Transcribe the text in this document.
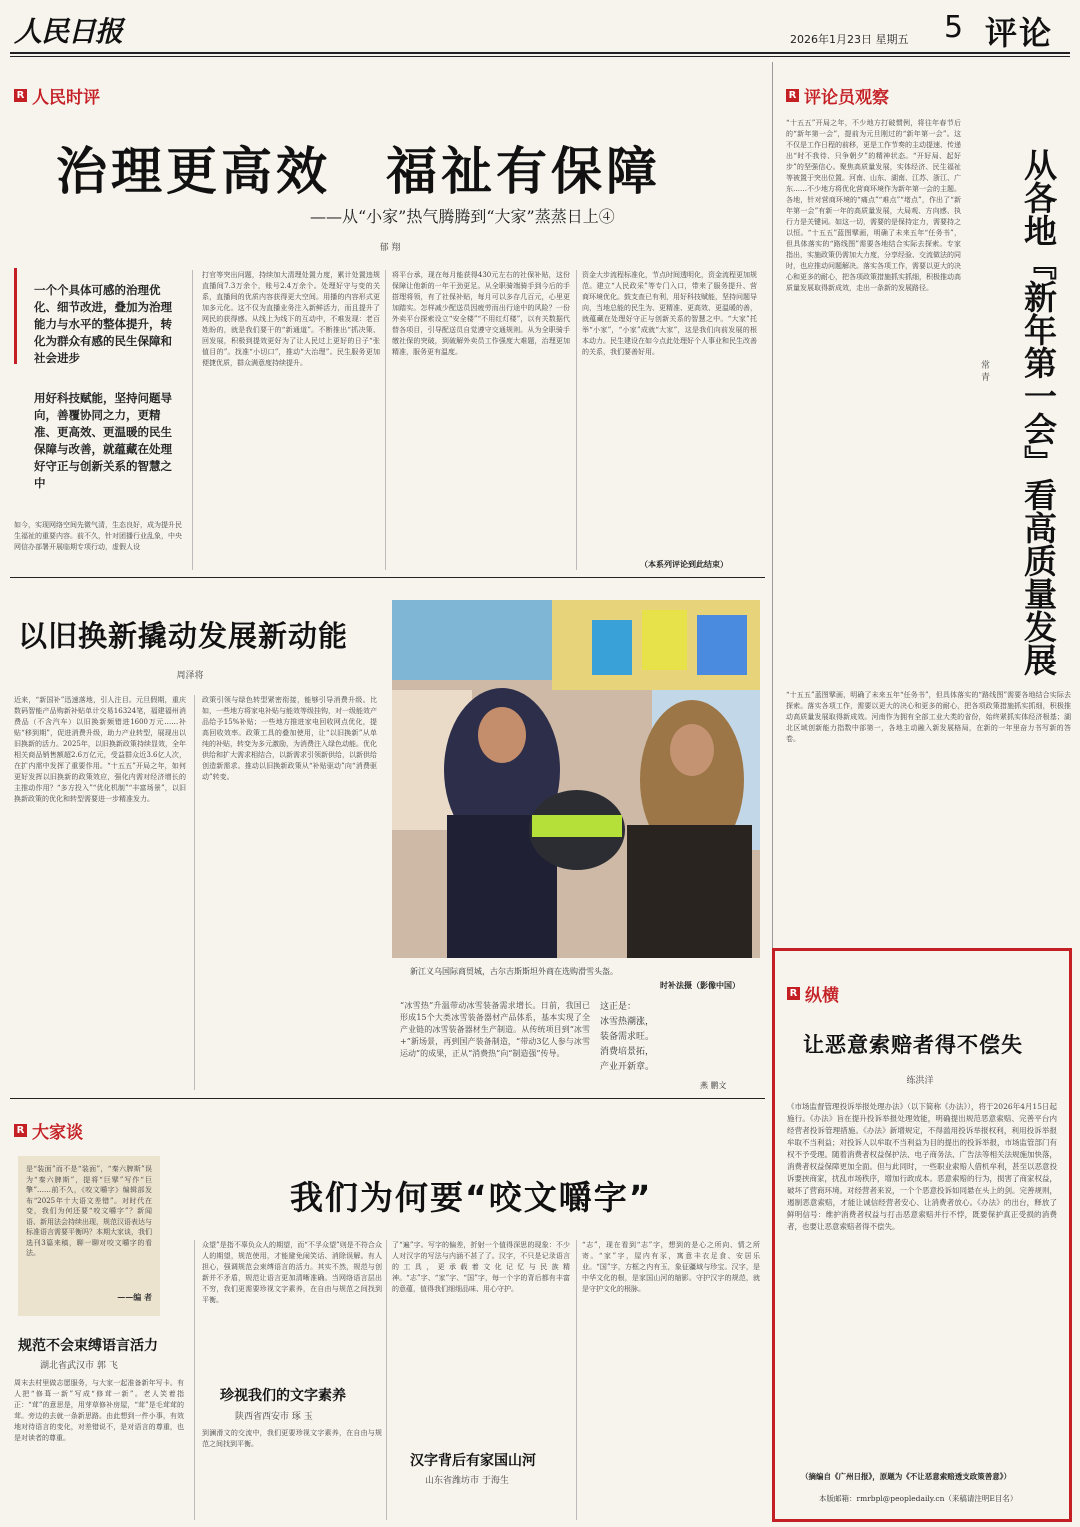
人民日报	2026年1月23日 星期五 5 评论
R 人民时评
治理更高效　福祉有保障
——从“小家”热气腾腾到“大家”蒸蒸日上④
郁 翔
一个个具体可感的治理优化、细节改进，叠加为治理能力与水平的整体提升，转化为群众有感的民生保障和社会进步
用好科技赋能，坚持问题导向，善覆协同之力，更精准、更高效、更温暖的民生保障与改善，就蕴藏在处理好守正与创新关系的智慧之中
如今，实现网络空间先微气清，生态良好，成为提升民生福祉的重要内容。前不久，针对团播行业乱象，中央网信办部署开展临期专项行动，虚假人设
打官等突出问题，持续加大清理处置力度，累计处置违规直播间7.3万余个，账号2.4万余个。处理好守与变的关系，直播间的优质内容获得更大空间。用播的内容形式更加多元化。这不仅为直播业务注入新鲜活力，而且提升了网民的获得感。从线上为线下的互动中，不难发现：老百姓盼的，就是我们要干的“新通道”。不断推出“抓决策、回发展，积极到提效更好为了让人民过上更好的日子“张值目的”。找准“小切口”，推动“大治理”。民生服务更加便捷优质，群众满意度持续提升。
将平台承，现在每月能获得430元左右的社保补贴，这份保障让他新的一年干劲更足。从全职骑端骑手到今后的手搭理将领，有了社保补贴，每月可以多存几百元，心里更加踏实。怎样减少配送员因疲劳而出行途中的风险？一份外卖平台探索设立“安全楼”“不用红灯楼”，以有关数据代替各项目，引导配送员自觉遵守交通规则。从为全职骑手缴社保的突破，到破解外卖员工作强度大难题，治理更加精准，服务更有温度。
资金大步流程标准化，节点时间透明化，资金流程更加规范。建立“人民政采”等专门入口，带来了服务提升、营商环境优化。鼓支查已有利，用好科技赋能，坚持问题导向，当地总能的民生为、更精准、更高效、更温暖的善，就蕴藏在处理好守正与创新关系的智慧之中。“大家”托举“小家”，“小家”成就“大家”，这是我们向前发展的根本动力。民生建设在如今点此处理好个人事业和民生改善的关系，我们要善好用。
（本系列评论到此结束）
R 评论员观察
“十五五”开局之年，不少地方打破惯例，将往年春节后的“新年第一会”，提前为元旦刚过的“新年第一会”。这不仅是工作日程的前移，更是工作节奏的主动提速、传递出“时不我待、只争朝夕”的精神状态。“开好局、起好步”的坚强信心。聚焦高质量发展，实体经济、民生福祉等被置于突出位置。河南、山东、湖南、江苏、浙江、广东……不少地方将优化营商环境作为新年第一会的主题。各地，针对营商环境的“痛点”“难点”“堵点”，作出了“新年第一会”有新一年的高质量发展，大局观、方向感、执行力是关键词。如这一切，需要的是保持定力，需要持之以恒。“十五五”蓝图擘画，明确了未来五年“任务书”，但具体落实的“路线图”需要各地结合实际去探索。专家指出，实施政策仍需加大力度，分享经验、交流做法的同时，也应推动问题解决。落实各项工作，需要以更大的决心和更多的耐心，把各项政策措施抓实抓细，积极推动高质量发展取得新成效，走出一条新的发展路径。
常 青 从各地『新年第一会』看高质量发展
“十五五”蓝图擘画，明确了未来五年“任务书”，但具体落实的“路线图”需要各地结合实际去探索。落实各项工作，需要以更大的决心和更多的耐心，把各项政策措施抓实抓细，积极推动高质量发展取得新成效。河南作为拥有全部工业大类的省份，始终紧抓实体经济根基；湖北区域创新能力指数中部第一，各地主动融入新发展格局，在新的一年里奋力书写新的答卷。
以旧换新撬动发展新动能
周泽将
近来，“新国补”迅速落地，引人注目。元旦假期，重庆数码智能产品购新补贴单计交易16324笔，福建福州消费品（不含汽车）以旧换新频错进1600万元……补贴“移到期”，促进消费升级，助力产业转型，展现出以旧换新的活力。2025年，以旧换新政策持续显效，全年相关商品销售额超2.6万亿元，受益群众近3.6亿人次，在扩内需中发挥了重要作用。“十五五”开局之年，如何更好发挥以旧换新的政策效应，强化内需对经济增长的主推动作用？“多方投入”“优化机制”“丰富场景”，以旧换新政策的优化和转型需要进一步精准发力。
政策引领与绿色转型紧密衔接，能够引导消费升级。比如，一些地方将家电补贴与能效等级挂钩，对一级能效产品给予15%补贴；一些地方推进家电回收网点优化，提高回收效率。政策工具的叠加使用，让“以旧换新”从单纯的补贴，转变为多元激励，为消费注入绿色动能。优化供给和扩大需求相结合，以新需求引领新供给，以新供给创造新需求。推动以旧换新政策从“补贴驱动”向“消费驱动”转变。
新江义乌国际商贸城，古尔吉斯斯坦外商在选购滑雪头盔。
时补法摄（影像中国）
“冰雪热”升温带动冰雪装备需求增长。日前，我国已形成15个大类冰雪装备器材产品体系，基本实现了全产业链的冰雪装备器材生产制造。从传统项目到“冰雪+”新场景，再到国产装备制造，“带动3亿人参与冰雪运动”的成果，正从“消费热”向“制造强”传导。
这正是：
冰雪热潮涨，
装备需求旺。
消费培景拓，
产业开新章。
燕 鹏文
R 大家谈
我们为何要“咬文嚼字”
是“装面”而不是“装面”，“秦六脾斯”误为“秦六脾斯”，提将“巨擘”写作“巨擎”……前不久，《咬文嚼字》编辑部发布“2025年十大语文差错”。对时代在变，我们为何还要“咬文嚼字”？新闻语、新用法会持续出现，规范汉语表达与标准语言需要平衡吗？本期大家谈，我们选刊3篇来稿，聊一聊对咬文嚼字的看法。
——编 者
规范不会束缚语言活力
湖北省武汉市 郭 飞
周末去村里做志愿服务，与大家一起准备新年写卡。有人把“修葺一新”写成“修茸一新”。老人笑着指正：“茸”的意思是，用芽草修补房屋，“茸”是毛茸茸的茸。旁边的去就一条新思路。由此想到一件小事，有效地对待语言的变化，对差错说不，是对语言的尊重，也是对读者的尊重。
众望”是指不辜负众人的期望，而“不孚众望”则是不符合众人的期望，规范使用，才能避免闹笑话、消除误解。有人担心，强调规范会束缚语言的活力。其实不然，规范与创新并不矛盾，规范让语言更加清晰准确。当网络语言层出不穷，我们更需要珍视文字素养，在自由与规范之间找到平衡。
珍视我们的文字素养
陕西省西安市 琢 玉
到澜滑文的交流中，我们更要珍视文字素养，在自由与规范之间找到平衡。
了“遍”字。写字的偏差，折射一个值得深思的现象：不少人对汉字的写法与内涵不甚了了。汉字，不只是记录语言的工具，更承载着文化记忆与民族精神。“志”字、“家”字、“国”字，每一个字的背后都有丰富的意蕴，值得我们细细品味、用心守护。
汉字背后有家国山河
山东省潍坊市 于海生
“志”，现在看到“志”字，想到的是心之所向、情之所寄。“家”字，屋内有豕，寓意丰衣足食、安居乐业。“国”字，方框之内有玉，象征疆域与珍宝。汉字，是中华文化的根，是家国山河的缩影。守护汉字的规范，就是守护文化的根脉。
R 纵横
让恶意索赔者得不偿失
练洪洋
《市场监督管理投诉举报处理办法》（以下简称《办法》），将于2026年4月15日起施行。《办法》旨在提升投诉举报处理效能，明确提出规范恶意索赔、完善平台内经营者投诉管理措施。《办法》新增规定，不得滥用投诉举报权利，利用投诉举报牟取不当利益；对投诉人以牟取不当利益为目的提出的投诉举报，市场监管部门有权不予受理。随着消费者权益保护法、电子商务法、广告法等相关法规施加快落，消费者权益保障更加全面。但与此同时，一些职业索赔人借机牟利，甚至以恶意投诉要挟商家，扰乱市场秩序，增加行政成本。恶意索赔的行为，损害了商家权益，破坏了营商环境。对经营者来说，一个个恶意投诉如同悬在头上的剑。完善规则，遏制恶意索赔，才能让诚信经营者安心、让消费者放心。《办法》的出台，释放了鲜明信号：维护消费者权益与打击恶意索赔并行不悖，既要保护真正受损的消费者，也要让恶意索赔者得不偿失。
（摘编自《广州日报》，原题为《不让恶意索赔透支政策善意》）
本版邮箱：rmrbpl@peopledaily.cn（来稿请注明E目名）
